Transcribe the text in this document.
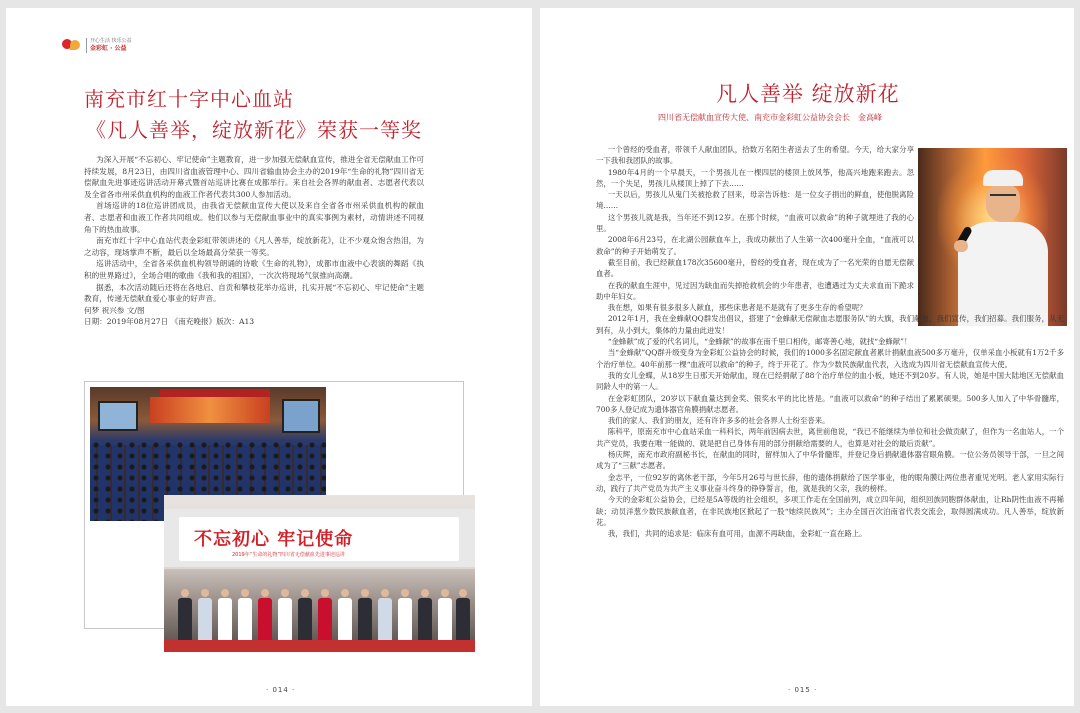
开心生活 快乐公益
金彩虹 · 公益
南充市红十字中心血站
《凡人善举，绽放新花》荣获一等奖

为深入开展“不忘初心、牢记使命”主题教育，进一步加强无偿献血宣传，推进全省无偿献血工作可持续发展，8月23日，由四川省血液管理中心、四川省输血协会主办的2019年“生命的礼物”四川省无偿献血先进事迹巡讲活动开幕式暨首站巡讲比赛在成都举行。来自社会各界的献血者、志愿者代表以及全省各市州采供血机构的血液工作者代表共300人参加活动。

首场巡讲的18位巡讲团成员，由我省无偿献血宣传大使以及来自全省各市州采供血机构的献血者、志愿者和血液工作者共同组成。他们以参与无偿献血事业中的真实事例为素材，动情讲述不同视角下的热血故事。

南充市红十字中心血站代表金彩虹带领讲述的《凡人善举，绽放新花》，让不少观众饱含热泪，为之动容，现场掌声不断，最后以全场最高分荣获一等奖。

巡讲活动中，全省各采供血机构领导朗诵的诗歌《生命的礼物》，成都市血液中心表演的舞蹈《执积的世界路过》，全场合唱的歌曲《我和我的祖国》，一次次将现场气氛推向高潮。

据悉，本次活动随后还将在各地启、自贡和攀枝花举办巡讲，扎实开展“不忘初心、牢记使命”主题教育，传递无偿献血爱心事业的好声音。

何梦 祝兴参 文/图

日期：2019年08月27日 《南充晚报》版次：A13

不忘初心 牢记使命
2019年“生命的礼物”四川省无偿献血先进事迹巡讲
· 014 ·
凡人善举 绽放新花
四川省无偿献血宣传大使、南充市金彩虹公益协会会长　金高峰

一个曾经的受血者，带领千人献血团队，拾数万名陌生者送去了生的希望。今天，给大家分享一下我和我团队的故事。

1980年4月的一个早晨天，一个男孩儿在一棵四层的楼顶上放风筝，他高兴地跑来跑去。忽然，一个失足，男孩儿从楼顶上掉了下去……

一天以后，男孩儿从鬼门关被抢救了回来，母亲告诉他：是一位女子捐出的鲜血，使他脱离险境……

这个男孩儿就是我，当年还不到12岁。在那个时候，“血液可以救命”的种子就埋进了我的心里。

2008年6月23号，在北湖公园献血车上，我成功献出了人生第一次400毫升全血，“血液可以救命”的种子开始萌发了。

截至目前，我已经献血178次35600毫升，曾经的受血者，现在成为了一名光荣的自愿无偿献血者。

在我的献血生涯中，见过因为缺血而失掉抢救机会的少年患者，也遭遇过为丈夫求血而下跪求助中年妇女。

我在想，如果有很多很多人献血，那些床患者是不是就有了更多生存的希望呢？

2012年1月，我在金蜂献QQ群发出倡议，搭建了“金蜂献无偿献血志愿服务队”的大旗，我们献血，我们宣传，我们招募。我们服务，从无到有，从小到大，集体的力量由此迸发！

“金蜂献”成了爱的代名词儿，“金蜂献”的故事在南千里口相传，邮寄善心地，就找“金蜂献”！

当“金蜂献”QQ群升级变身为金彩虹公益协会的时候，我们的1000多名固定献血者累计捐献血液500多万毫升，仅单采血小板就有1万2千多个治疗单位。40年前那一棵“血液可以救命”的种子，终于开花了。作为少数民族献血代表，入选成为四川省无偿献血宣传大使。

我的女儿金蝶，从18岁生日那天开始献血，现在已经捐献了88个治疗单位的血小板，她还不到20岁。有人说，她是中国大陆地区无偿献血同龄人中的第一人。

在金彩虹团队，20岁以下献血量达到金奖、银奖水平的比比皆是。“血液可以救命”的种子结出了累累硕果。500多人加入了中华骨髓库，700多人登记成为遗体器官角膜捐献志愿者。

我们的家人、我们的朋友，还有许许多多的社会各界人士纷至沓来。

陈科平，原南充市中心血站采血一科科长，两年前因病去世，离世前他说，“我已不能继续为单位和社会做贡献了，但作为一名血站人，一个共产党员，我要在唯一能做的、就是把自己身体有用的部分捐献给需要的人，也算是对社会的最后贡献”。

杨庆辉，南充市政府副秘书长，在献血的同时，留样加入了中华骨髓库，并登记身后捐献遗体器官眼角膜。一位公务员领导干部，一旦之间成为了“三献”志愿者。

金志平，一位92岁的离休老干部，今年5月26号与世长辞，他的遗体捐献给了医学事业，他的眼角膜让两位患者重见光明。老人家用实际行动，践行了共产党员为共产主义事业奋斗终身的铮铮誓言，他，就是我的父亲，我的榜样。

今天的金彩虹公益协会，已经是5A等级的社会组织，多项工作走在全国前列，成立四年间，组织回族同胞群体献血，让Rh阴性血液不再稀缺；动员洋葱少数民族献血者，在非民族地区掀起了一股“她续民族风”；主办全国百次泊南省代表交流会，取得圆满成功。凡人善举，绽放新花。

我，我们，共同的追求是：临床有血可用，血源不再缺血，金彩虹一直在路上。

· 015 ·
